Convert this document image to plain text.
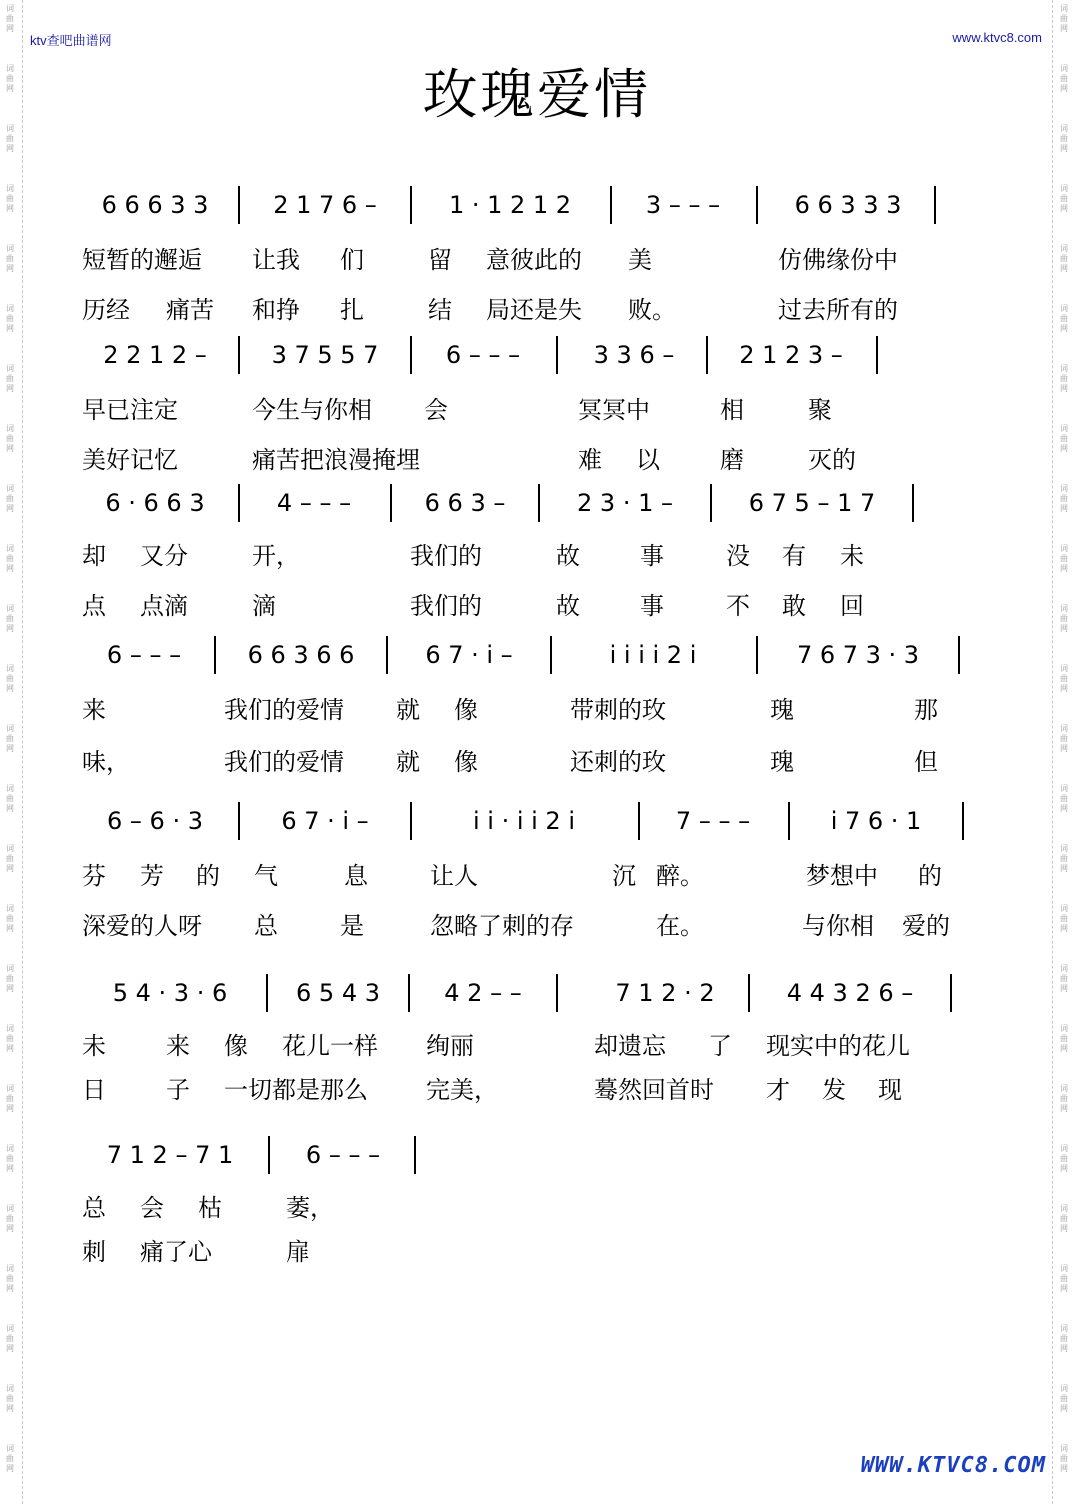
词
曲
网
词
曲
网
词
曲
网
词
曲
网
词
曲
网
词
曲
网
词
曲
网
词
曲
网
词
曲
网
词
曲
网
词
曲
网
词
曲
网
词
曲
网
词
曲
网
词
曲
网
词
曲
网
词
曲
网
词
曲
网
词
曲
网
词
曲
网
词
曲
网
词
曲
网
词
曲
网
词
曲
网
词
曲
网
词
曲
网
词
曲
网
词
曲
网
词
曲
网
词
曲
网
词
曲
网
词
曲
网
词
曲
网
词
曲
网
词
曲
网
词
曲
网
词
曲
网
词
曲
网
词
曲
网
词
曲
网
词
曲
网
词
曲
网
词
曲
网
词
曲
网
词
曲
网
词
曲
网
词
曲
网
词
曲
网
词
曲
网
词
曲
网
ktv查吧曲谱网	www.ktvc8.com
玫瑰爱情
6 6 6 3 3	2 1 7 6 –	1 · 1 2 1 2	3 – – –	6 6 3 3 3
短暂的邂逅 让我 们	留 意彼此的 美	仿佛缘份中
历经 痛苦 和挣 扎	结 局还是失 败。	过去所有的
2 2 1 2 –	3 7 5 5 7	6 – – –	3 3 6 –	2 1 2 3 –
早已注定	今生与你相 会	冥冥中	相	聚
美好记忆	痛苦把浪漫掩埋	难 以	磨	灭的
6 · 6 6 3	4 – – –	6 6 3 –	2 3 · 1 –	6 7 5 – 1 7
却 又分	开，	我们的	故	事	没 有 未
点 点滴	滴	我们的	故	事	不 敢 回
6 – – –	6 6 3 6 6	6 7 · i –	i i i i 2 i	7 6 7 3 · 3
来	我们的爱情 就 像	带刺的玫	瑰	那
味，	我们的爱情 就 像	还刺的玫	瑰	但
6 – 6 · 3	6 7 · i –	i i · i i 2 i	7 – – –	i 7 6 · 1
芬 芳 的 气	息	让人	沉 醉。	梦想中 的
深爱的人呀 总	是	忽略了刺的存	在。	与你相 爱的
5 4 · 3 · 6	6 5 4 3	4 2 – –	7 1 2 · 2	4 4 3 2 6 –
未	来 像 花儿一样 绚丽	却遗忘 了 现实中的花儿
日	子 一切都是那么 完美，	蓦然回首时 才 发 现
7 1 2 – 7 1	6 – – –
总 会 枯	萎，
刺 痛了心	扉
WWW.KTVC8.COM
